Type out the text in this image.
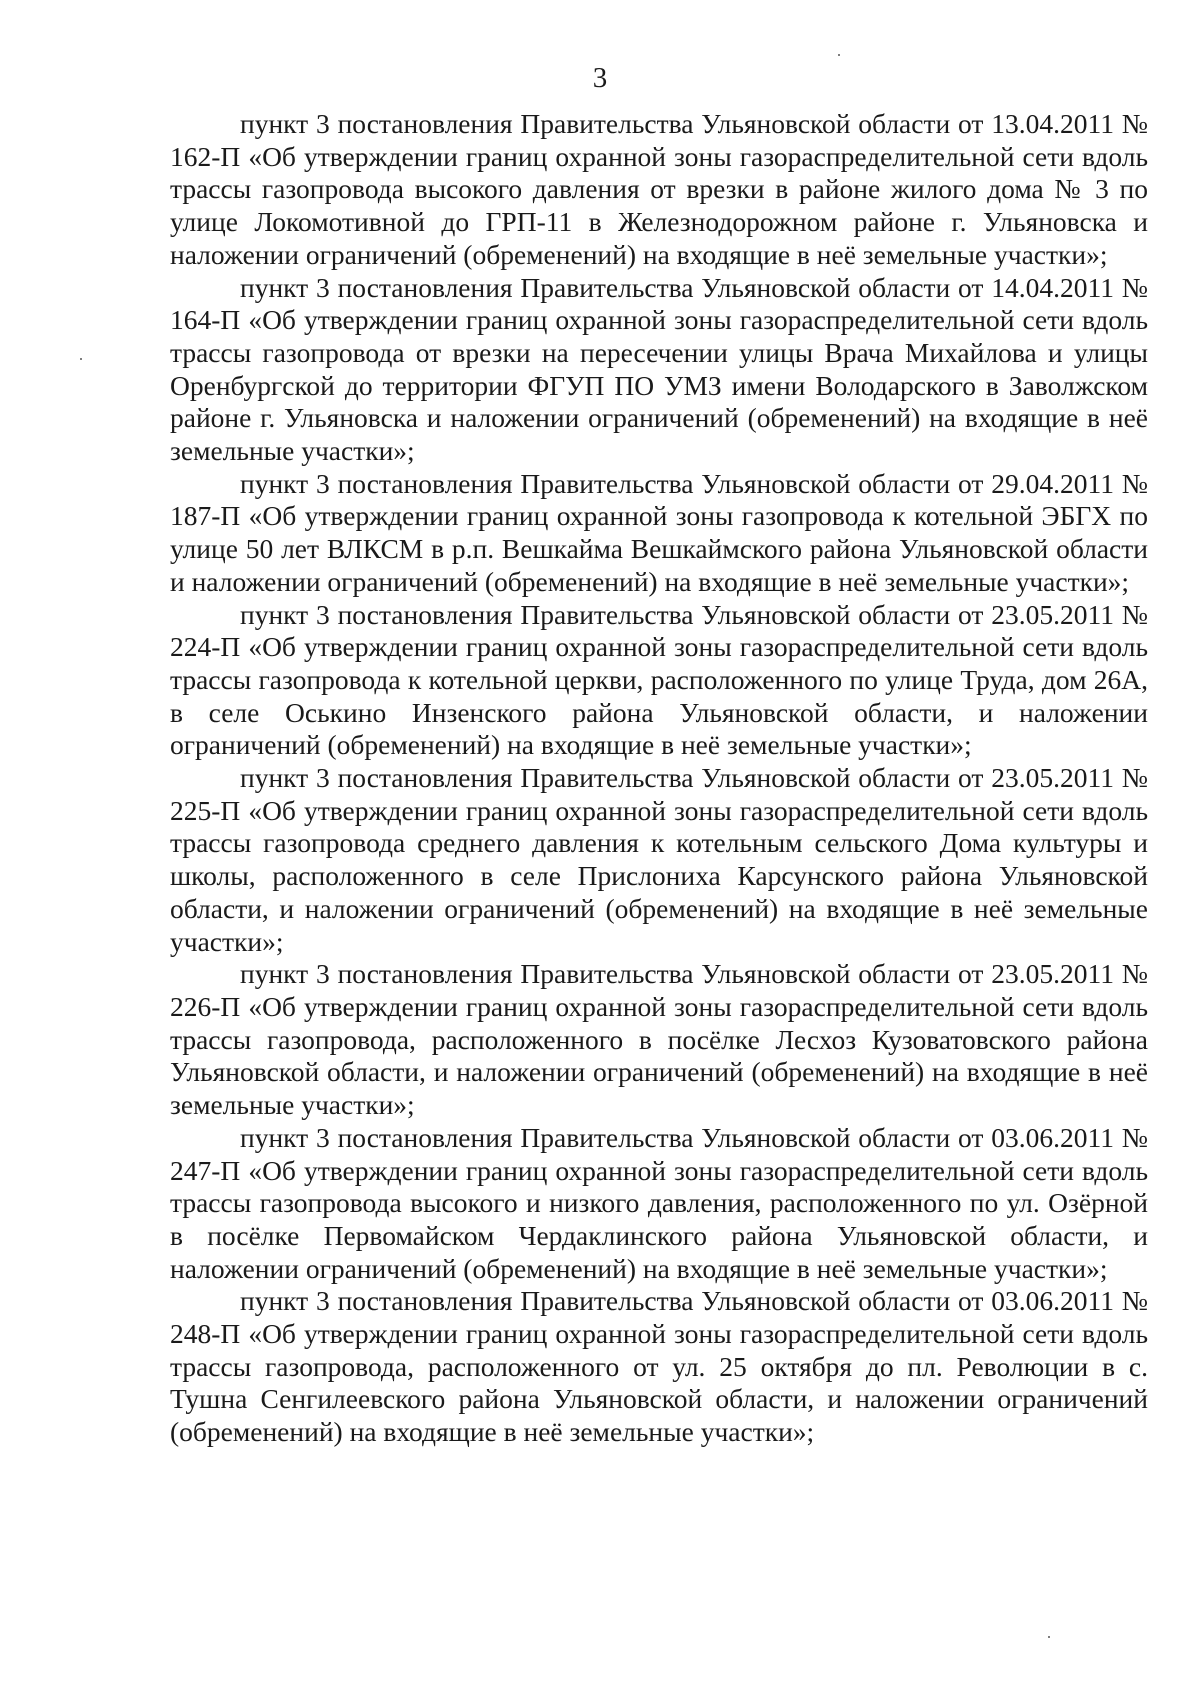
3

пункт 3 постановления Правительства Ульяновской области от 13.04.2011 № 162-П «Об утверждении границ охранной зоны газораспределительной сети вдоль трассы газопровода высокого давления от врезки в районе жилого дома № 3 по улице Локомотивной до ГРП-11 в Железнодорожном районе г. Ульяновска и наложении ограничений (обременений) на входящие в неё земельные участки»;

пункт 3 постановления Правительства Ульяновской области от 14.04.2011 № 164-П «Об утверждении границ охранной зоны газораспределительной сети вдоль трассы газопровода от врезки на пересечении улицы Врача Михайлова и улицы Оренбургской до территории ФГУП ПО УМЗ имени Володарского в Заволжском районе г. Ульяновска и наложении ограничений (обременений) на входящие в неё земельные участки»;

пункт 3 постановления Правительства Ульяновской области от 29.04.2011 № 187-П «Об утверждении границ охранной зоны газопровода к котельной ЭБГХ по улице 50 лет ВЛКСМ в р.п. Вешкайма Вешкаймского района Ульяновской области и наложении ограничений (обременений) на входящие в неё земельные участки»;

пункт 3 постановления Правительства Ульяновской области от 23.05.2011 № 224-П «Об утверждении границ охранной зоны газораспределительной сети вдоль трассы газопровода к котельной церкви, расположенного по улице Труда, дом 26А, в селе Оськино Инзенского района Ульяновской области, и наложении ограничений (обременений) на входящие в неё земельные участки»;

пункт 3 постановления Правительства Ульяновской области от 23.05.2011 № 225-П «Об утверждении границ охранной зоны газораспределительной сети вдоль трассы газопровода среднего давления к котельным сельского Дома культуры и школы, расположенного в селе Прислониха Карсунского района Ульяновской области, и наложении ограничений (обременений) на входящие в неё земельные участки»;

пункт 3 постановления Правительства Ульяновской области от 23.05.2011 № 226-П «Об утверждении границ охранной зоны газораспределительной сети вдоль трассы газопровода, расположенного в посёлке Лесхоз Кузоватовского района Ульяновской области, и наложении ограничений (обременений) на входящие в неё земельные участки»;

пункт 3 постановления Правительства Ульяновской области от 03.06.2011 № 247-П «Об утверждении границ охранной зоны газораспределительной сети вдоль трассы газопровода высокого и низкого давления, расположенного по ул. Озёрной в посёлке Первомайском Чердаклинского района Ульяновской области, и наложении ограничений (обременений) на входящие в неё земельные участки»;

пункт 3 постановления Правительства Ульяновской области от 03.06.2011 № 248-П «Об утверждении границ охранной зоны газораспределительной сети вдоль трассы газопровода, расположенного от ул. 25 октября до пл. Революции в с. Тушна Сенгилеевского района Ульяновской области, и наложении ограничений (обременений) на входящие в неё земельные участки»;
